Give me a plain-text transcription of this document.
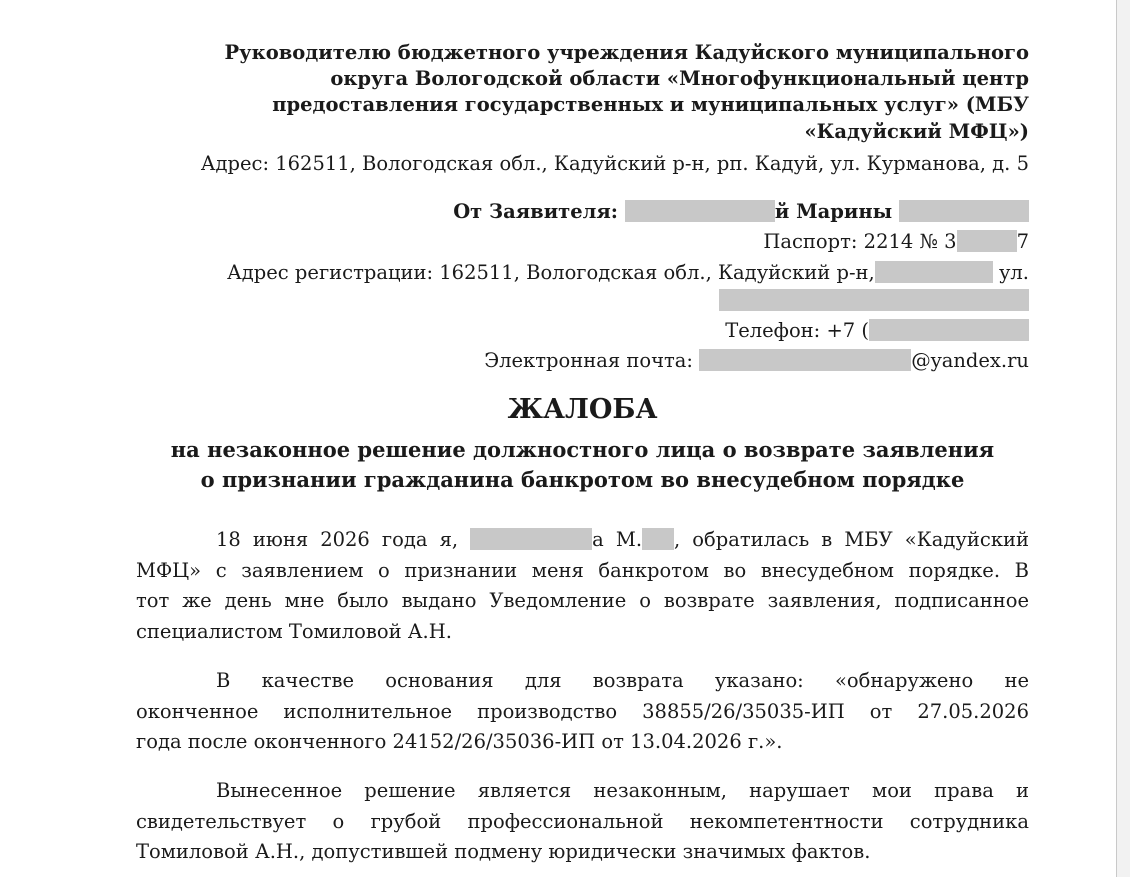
Руководителю бюджетного учреждения Кадуйского муниципального
округа Вологодской области «Многофункциональный центр
предоставления государственных и муниципальных услуг» (МБУ
«Кадуйский МФЦ»)
Адрес: 162511, Вологодская обл., Кадуйский р-н, рп. Кадуй, ул. Курманова, д. 5
От Заявителя:	й Марины
Паспорт: 2214 № 3	7
Адрес регистрации: 162511, Вологодская обл., Кадуйский р-н,	ул.
Телефон: +7 (
Электронная почта:	@yandex.ru
ЖАЛОБА
на незаконное решение должностного лица о возврате заявления
о признании гражданина банкротом во внесудебном порядке
18 июня 2026 года я,	а М. , обратилась в МБУ «Кадуйский
МФЦ» с заявлением о признании меня банкротом во внесудебном порядке. В
тот же день мне было выдано Уведомление о возврате заявления, подписанное
специалистом Томиловой А.Н.
В качестве основания для возврата указано: «обнаружено не
оконченное исполнительное производство 38855/26/35035-ИП от 27.05.2026
года после оконченного 24152/26/35036-ИП от 13.04.2026 г.».
Вынесенное решение является незаконным, нарушает мои права и
свидетельствует о грубой профессиональной некомпетентности сотрудника
Томиловой А.Н., допустившей подмену юридически значимых фактов.
